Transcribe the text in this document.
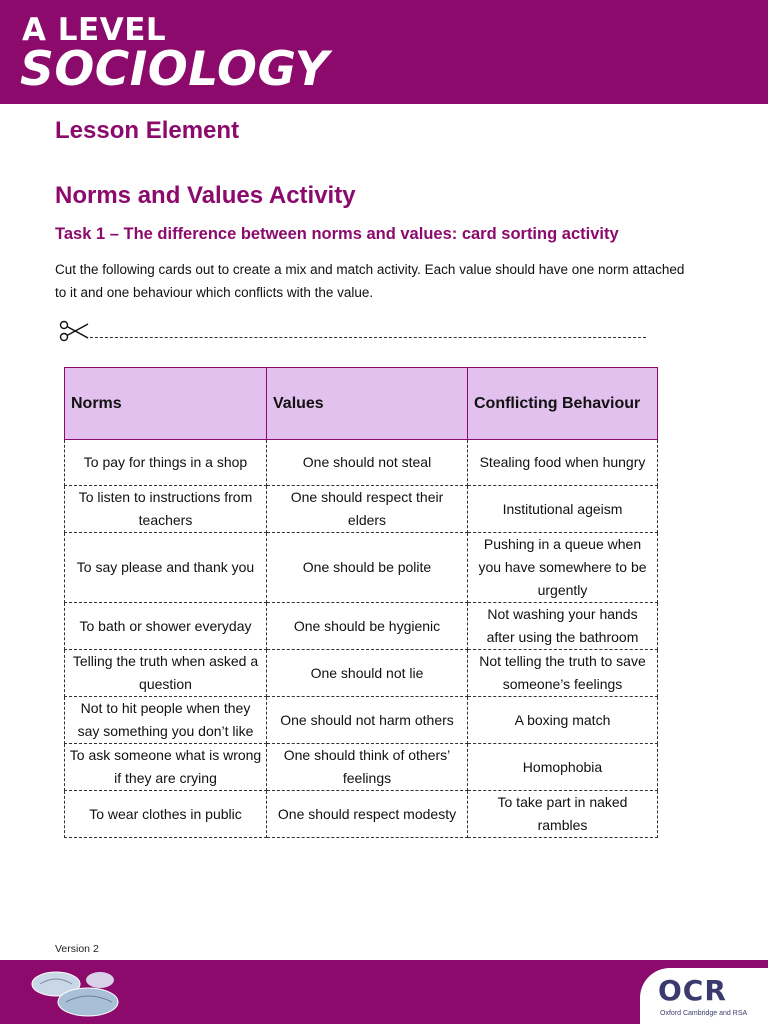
A LEVEL
SOCIOLOGY
Lesson Element
Norms and Values Activity
Task 1 – The difference between norms and values: card sorting activity

Cut the following cards out to create a mix and match activity. Each value should have one norm attached to it and one behaviour which conflicts with the value.

Norms	Values	Conflicting Behaviour
To pay for things in a shop	One should not steal	Stealing food when hungry
To listen to instructions from teachers	One should respect their elders	Institutional ageism
To say please and thank you	One should be polite	Pushing in a queue when you have somewhere to be urgently
To bath or shower everyday	One should be hygienic	Not washing your hands after using the bathroom
Telling the truth when asked a question	One should not lie	Not telling the truth to save someone’s feelings
Not to hit people when they say something you don’t like	One should not harm others	A boxing match
To ask someone what is wrong if they are crying	One should think of others’ feelings	Homophobia
To wear clothes in public	One should respect modesty	To take part in naked rambles
Version 2
OCR
Oxford Cambridge and RSA
